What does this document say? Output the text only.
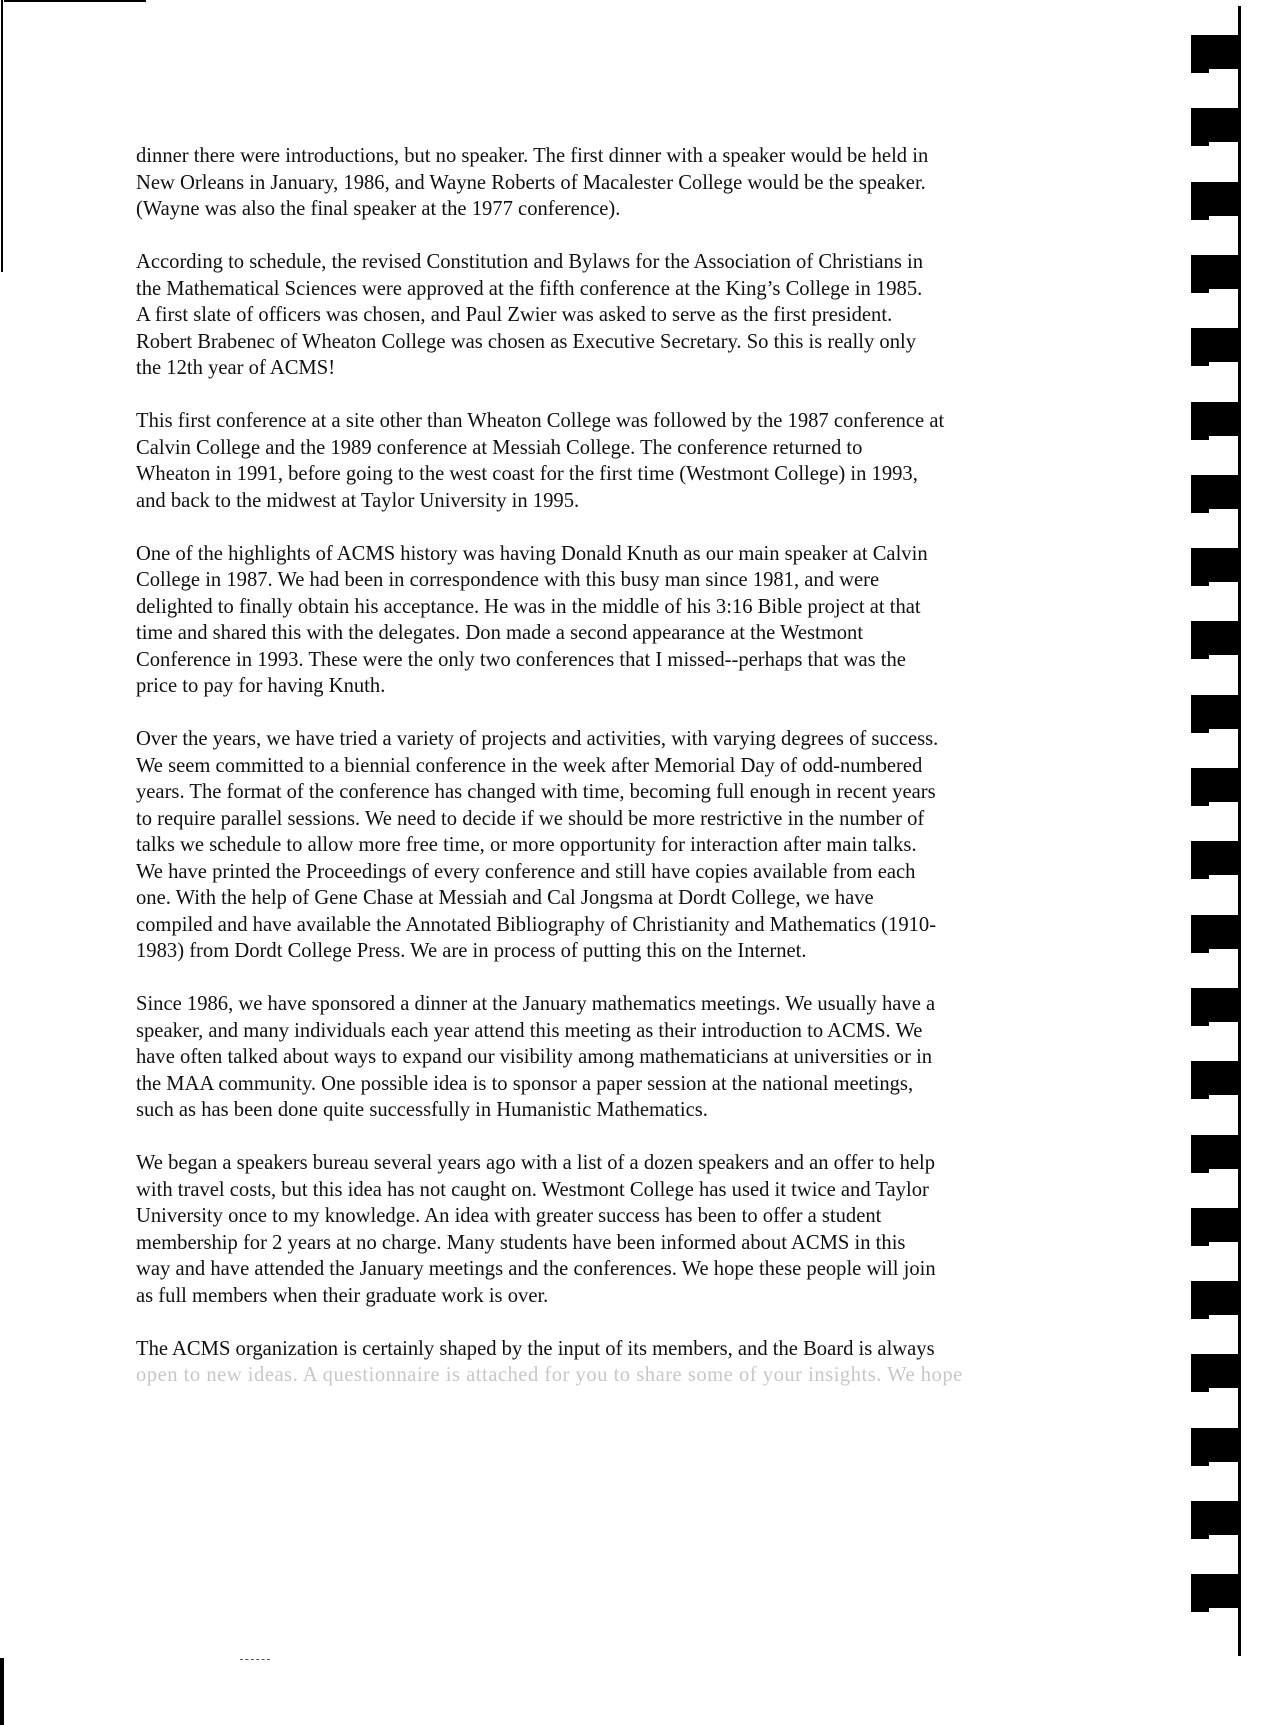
dinner there were introductions, but no speaker. The first dinner with a speaker would be held in
New Orleans in January, 1986, and Wayne Roberts of Macalester College would be the speaker.
(Wayne was also the final speaker at the 1977 conference).

According to schedule, the revised Constitution and Bylaws for the Association of Christians in
the Mathematical Sciences were approved at the fifth conference at the King’s College in 1985.
A first slate of officers was chosen, and Paul Zwier was asked to serve as the first president.
Robert Brabenec of Wheaton College was chosen as Executive Secretary. So this is really only
the 12th year of ACMS!

This first conference at a site other than Wheaton College was followed by the 1987 conference at
Calvin College and the 1989 conference at Messiah College. The conference returned to
Wheaton in 1991, before going to the west coast for the first time (Westmont College) in 1993,
and back to the midwest at Taylor University in 1995.

One of the highlights of ACMS history was having Donald Knuth as our main speaker at Calvin
College in 1987. We had been in correspondence with this busy man since 1981, and were
delighted to finally obtain his acceptance. He was in the middle of his 3:16 Bible project at that
time and shared this with the delegates. Don made a second appearance at the Westmont
Conference in 1993. These were the only two conferences that I missed--perhaps that was the
price to pay for having Knuth.

Over the years, we have tried a variety of projects and activities, with varying degrees of success.
We seem committed to a biennial conference in the week after Memorial Day of odd-numbered
years. The format of the conference has changed with time, becoming full enough in recent years
to require parallel sessions. We need to decide if we should be more restrictive in the number of
talks we schedule to allow more free time, or more opportunity for interaction after main talks.
We have printed the Proceedings of every conference and still have copies available from each
one. With the help of Gene Chase at Messiah and Cal Jongsma at Dordt College, we have
compiled and have available the Annotated Bibliography of Christianity and Mathematics (1910-
1983) from Dordt College Press. We are in process of putting this on the Internet.

Since 1986, we have sponsored a dinner at the January mathematics meetings. We usually have a
speaker, and many individuals each year attend this meeting as their introduction to ACMS. We
have often talked about ways to expand our visibility among mathematicians at universities or in
the MAA community. One possible idea is to sponsor a paper session at the national meetings,
such as has been done quite successfully in Humanistic Mathematics.

We began a speakers bureau several years ago with a list of a dozen speakers and an offer to help
with travel costs, but this idea has not caught on. Westmont College has used it twice and Taylor
University once to my knowledge. An idea with greater success has been to offer a student
membership for 2 years at no charge. Many students have been informed about ACMS in this
way and have attended the January meetings and the conferences. We hope these people will join
as full members when their graduate work is over.

The ACMS organization is certainly shaped by the input of its members, and the Board is always
open to new ideas. A questionnaire is attached for you to share some of your insights. We hope
